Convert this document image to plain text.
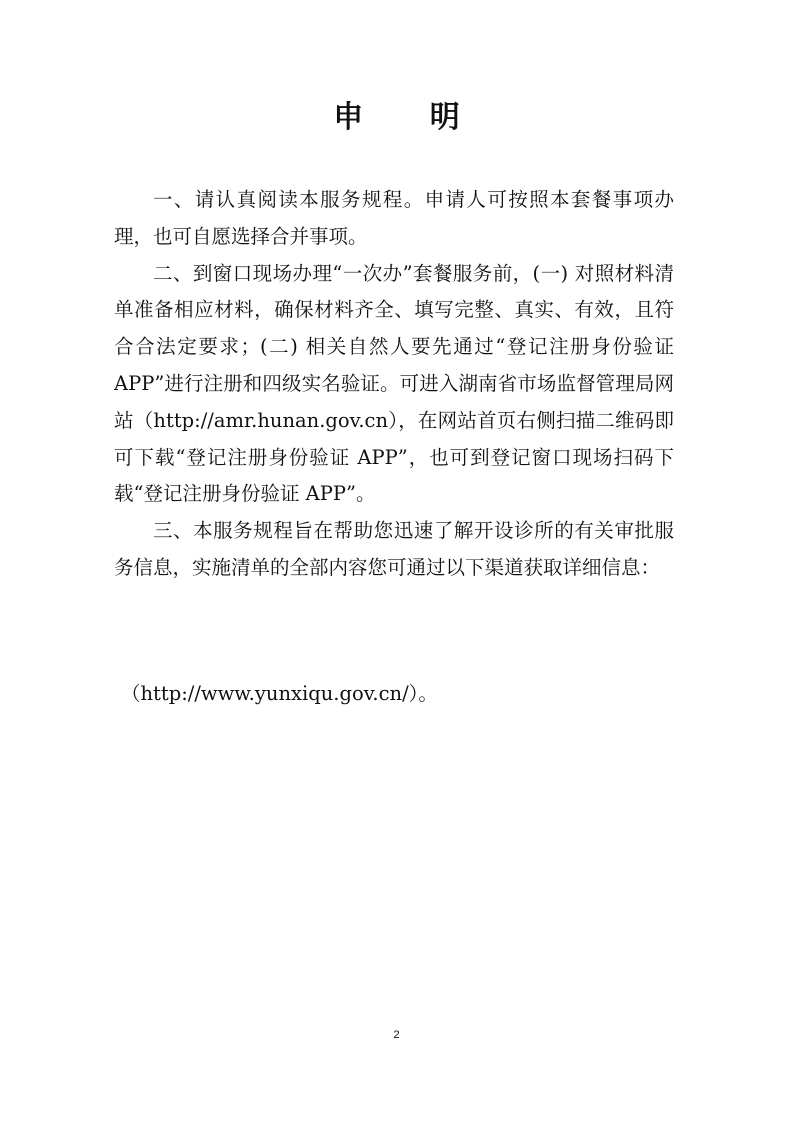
申 明

一、请认真阅读本服务规程。申请人可按照本套餐事项办理，也可自愿选择合并事项。

二、到窗口现场办理“一次办”套餐服务前，(一) 对照材料清单准备相应材料，确保材料齐全、填写完整、真实、有效，且符合合法定要求；(二) 相关自然人要先通过“登记注册身份验证 APP”进行注册和四级实名验证。可进入湖南省市场监督管理局网站（http://amr.hunan.gov.cn），在网站首页右侧扫描二维码即可下载“登记注册身份验证 APP”，也可到登记窗口现场扫码下载“登记注册身份验证 APP”。

三、本服务规程旨在帮助您迅速了解开设诊所的有关审批服务信息，实施清单的全部内容您可通过以下渠道获取详细信息：

（http://www.yunxiqu.gov.cn/）。
2
